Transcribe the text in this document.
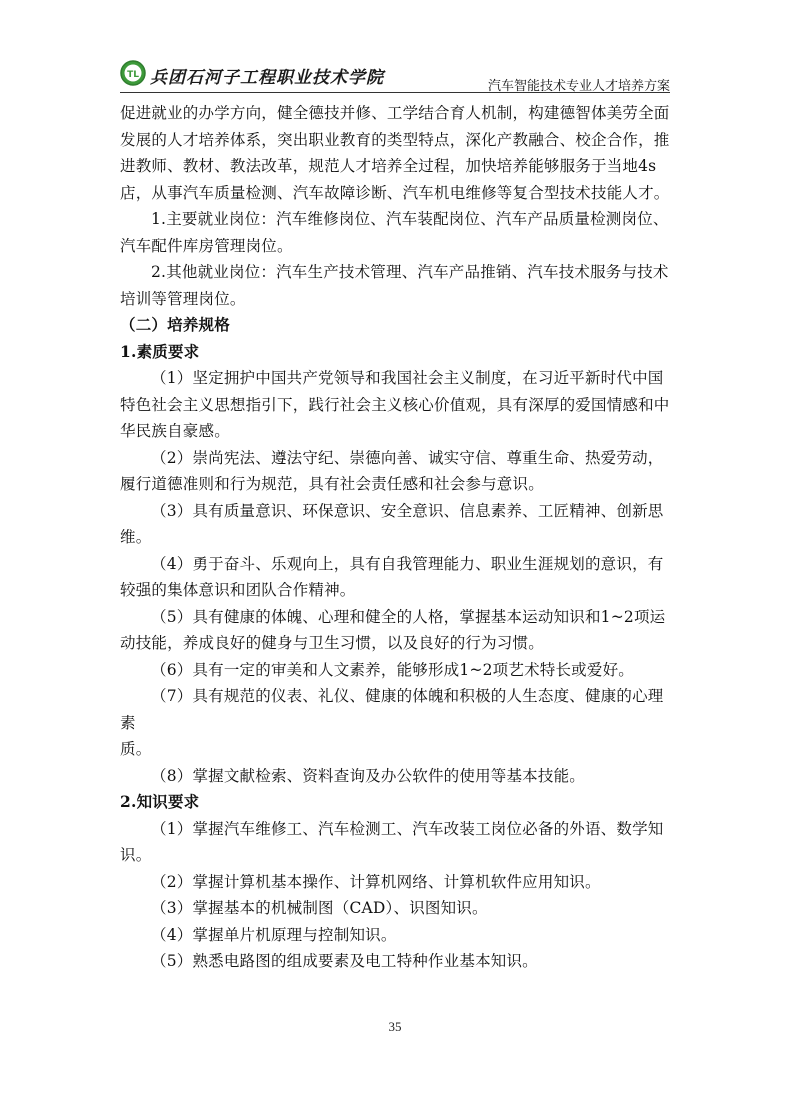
TL 兵团石河子工程职业技术学院	汽车智能技术专业人才培养方案

促进就业的办学方向，健全德技并修、工学结合育人机制，构建德智体美劳全面发展的人才培养体系，突出职业教育的类型特点，深化产教融合、校企合作，推进教师、教材、教法改革，规范人才培养全过程，加快培养能够服务于当地4s店，从事汽车质量检测、汽车故障诊断、汽车机电维修等复合型技术技能人才。

1.主要就业岗位：汽车维修岗位、汽车装配岗位、汽车产品质量检测岗位、汽车配件库房管理岗位。

2.其他就业岗位：汽车生产技术管理、汽车产品推销、汽车技术服务与技术培训等管理岗位。

（二）培养规格

1.素质要求

（1）坚定拥护中国共产党领导和我国社会主义制度，在习近平新时代中国特色社会主义思想指引下，践行社会主义核心价值观，具有深厚的爱国情感和中华民族自豪感。

（2）崇尚宪法、遵法守纪、崇德向善、诚实守信、尊重生命、热爱劳动，履行道德准则和行为规范，具有社会责任感和社会参与意识。

（3）具有质量意识、环保意识、安全意识、信息素养、工匠精神、创新思维。

（4）勇于奋斗、乐观向上，具有自我管理能力、职业生涯规划的意识，有较强的集体意识和团队合作精神。

（5）具有健康的体魄、心理和健全的人格，掌握基本运动知识和1~2项运动技能，养成良好的健身与卫生习惯，以及良好的行为习惯。

（6）具有一定的审美和人文素养，能够形成1~2项艺术特长或爱好。

（7）具有规范的仪表、礼仪、健康的体魄和积极的人生态度、健康的心理素

质。

（8）掌握文献检索、资料查询及办公软件的使用等基本技能。

2.知识要求

（1）掌握汽车维修工、汽车检测工、汽车改装工岗位必备的外语、数学知识。

（2）掌握计算机基本操作、计算机网络、计算机软件应用知识。

（3）掌握基本的机械制图（CAD）、识图知识。

（4）掌握单片机原理与控制知识。

（5）熟悉电路图的组成要素及电工特种作业基本知识。

35
